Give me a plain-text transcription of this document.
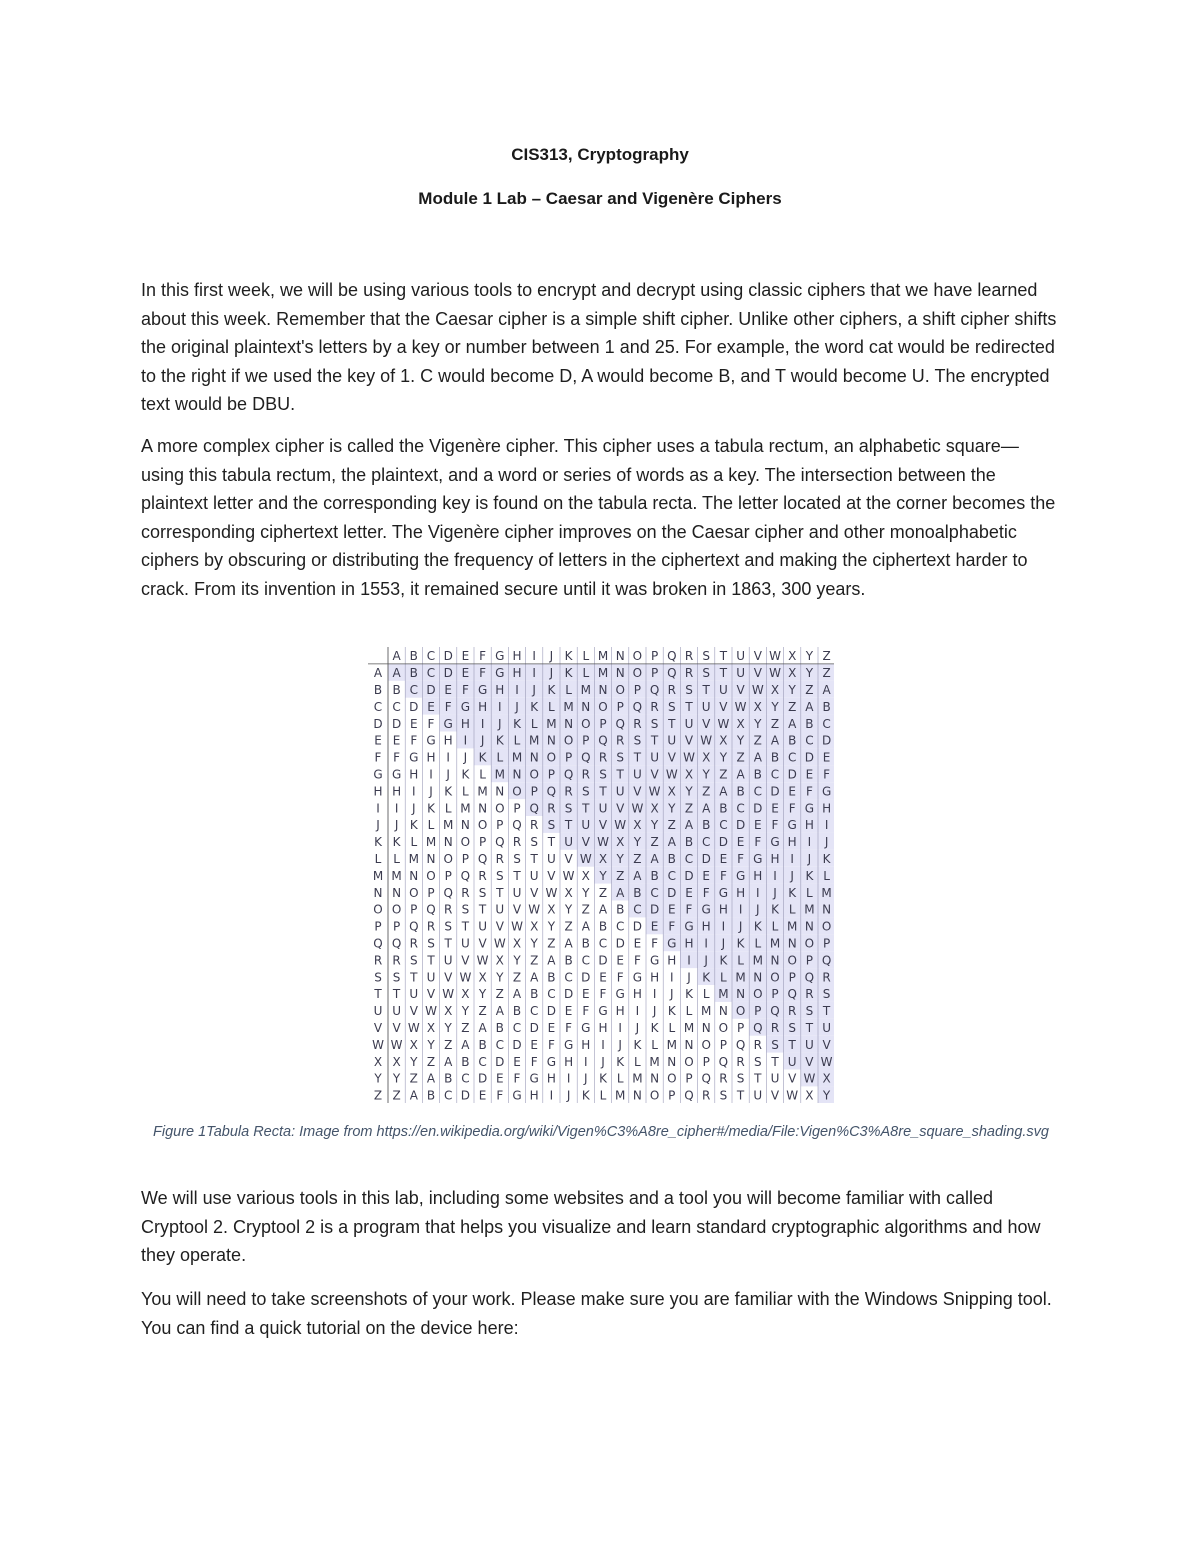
CIS313, Cryptography

Module 1 Lab – Caesar and Vigenère Ciphers

In this first week, we will be using various tools to encrypt and decrypt using classic ciphers that we have learned about this week. Remember that the Caesar cipher is a simple shift cipher. Unlike other ciphers, a shift cipher shifts the original plaintext's letters by a key or number between 1 and 25. For example, the word cat would be redirected to the right if we used the key of 1. C would become D, A would become B, and T would become U. The encrypted text would be DBU.

A more complex cipher is called the Vigenère cipher. This cipher uses a tabula rectum, an alphabetic square—using this tabula rectum, the plaintext, and a word or series of words as a key. The intersection between the plaintext letter and the corresponding key is found on the tabula recta. The letter located at the corner becomes the corresponding ciphertext letter. The Vigenère cipher improves on the Caesar cipher and other monoalphabetic ciphers by obscuring or distributing the frequency of letters in the ciphertext and making the ciphertext harder to crack. From its invention in 1553, it remained secure until it was broken in 1863, 300 years.

A B C D E F G H I J K L M N O P Q R S T U V W X Y Z
A A B C D E F G H I J K L M N O P Q R S T U V W X Y Z
B B C D E F G H I J K L M N O P Q R S T U V W X Y Z A
C C D E F G H I J K L M N O P Q R S T U V W X Y Z A B
D D E F G H I J K L M N O P Q R S T U V W X Y Z A B C
E E F G H I J K L M N O P Q R S T U V W X Y Z A B C D
F F G H I J K L M N O P Q R S T U V W X Y Z A B C D E
G G H I J K L M N O P Q R S T U V W X Y Z A B C D E F
H H I J K L M N O P Q R S T U V W X Y Z A B C D E F G
I I J K L M N O P Q R S T U V W X Y Z A B C D E F G H
J J K L M N O P Q R S T U V W X Y Z A B C D E F G H I
K K L M N O P Q R S T U V W X Y Z A B C D E F G H I J
L L M N O P Q R S T U V W X Y Z A B C D E F G H I J K
M M N O P Q R S T U V W X Y Z A B C D E F G H I J K L
N N O P Q R S T U V W X Y Z A B C D E F G H I J K L M
O O P Q R S T U V W X Y Z A B C D E F G H I J K L M N
P P Q R S T U V W X Y Z A B C D E F G H I J K L M N O
Q Q R S T U V W X Y Z A B C D E F G H I J K L M N O P
R R S T U V W X Y Z A B C D E F G H I J K L M N O P Q
S S T U V W X Y Z A B C D E F G H I J K L M N O P Q R
T T U V W X Y Z A B C D E F G H I J K L M N O P Q R S
U U V W X Y Z A B C D E F G H I J K L M N O P Q R S T
V V W X Y Z A B C D E F G H I J K L M N O P Q R S T U
W W X Y Z A B C D E F G H I J K L M N O P Q R S T U V
X X Y Z A B C D E F G H I J K L M N O P Q R S T U V W
Y Y Z A B C D E F G H I J K L M N O P Q R S T U V W X
Z Z A B C D E F G H I J K L M N O P Q R S T U V W X Y

Figure 1Tabula Recta: Image from https://en.wikipedia.org/wiki/Vigen%C3%A8re_cipher#/media/File:Vigen%C3%A8re_square_shading.svg

We will use various tools in this lab, including some websites and a tool you will become familiar with called Cryptool 2. Cryptool 2 is a program that helps you visualize and learn standard cryptographic algorithms and how they operate.

You will need to take screenshots of your work. Please make sure you are familiar with the Windows Snipping tool. You can find a quick tutorial on the device here:
